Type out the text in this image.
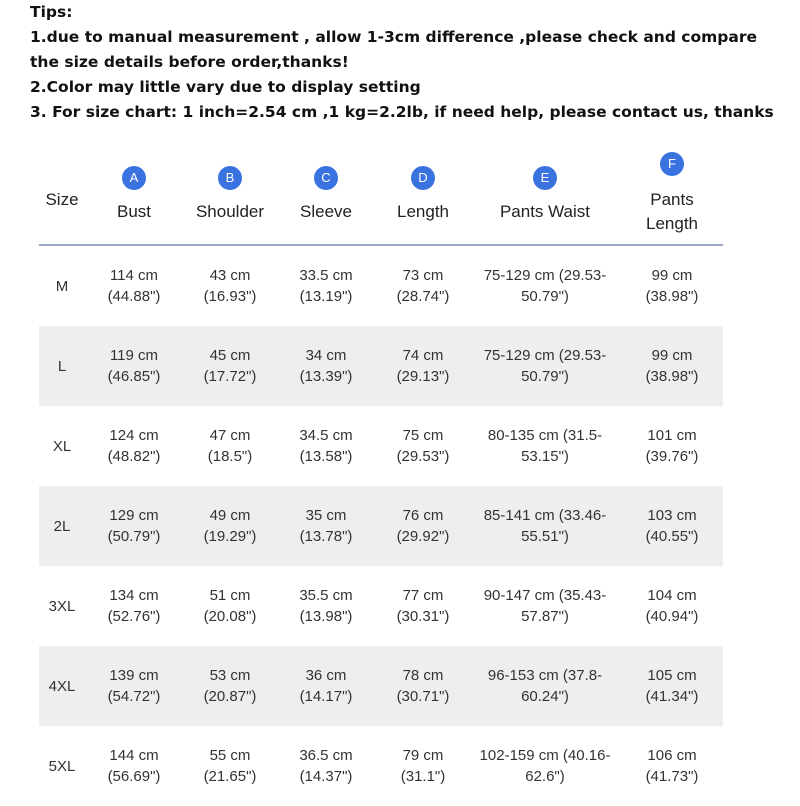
Tips:
1.due to manual measurement , allow 1-3cm difference ,please check and compare the size details before order,thanks!
2.Color may little vary due to display setting
3. For size chart: 1 inch=2.54 cm ,1 kg=2.2lb, if need help, please contact us, thanks
Size
A
Bust
B
Shoulder
C
Sleeve
D
Length
E
Pants Waist
F
Pants Length
M
114 cm
(44.88")
43 cm
(16.93")
33.5 cm
(13.19")
73 cm
(28.74")
75-129 cm (29.53-
50.79")
99 cm
(38.98")
L
119 cm
(46.85")
45 cm
(17.72")
34 cm
(13.39")
74 cm
(29.13")
75-129 cm (29.53-
50.79")
99 cm
(38.98")
XL
124 cm
(48.82")
47 cm
(18.5")
34.5 cm
(13.58")
75 cm
(29.53")
80-135 cm (31.5-
53.15")
101 cm
(39.76")
2L
129 cm
(50.79")
49 cm
(19.29")
35 cm
(13.78")
76 cm
(29.92")
85-141 cm (33.46-
55.51")
103 cm
(40.55")
3XL
134 cm
(52.76")
51 cm
(20.08")
35.5 cm
(13.98")
77 cm
(30.31")
90-147 cm (35.43-
57.87")
104 cm
(40.94")
4XL
139 cm
(54.72")
53 cm
(20.87")
36 cm
(14.17")
78 cm
(30.71")
96-153 cm (37.8-
60.24")
105 cm
(41.34")
5XL
144 cm
(56.69")
55 cm
(21.65")
36.5 cm
(14.37")
79 cm
(31.1")
102-159 cm (40.16-
62.6")
106 cm
(41.73")
